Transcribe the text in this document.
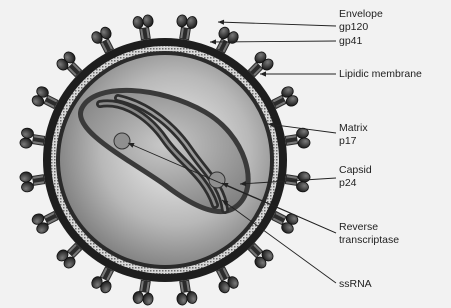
Envelope
gp120
gp41
Lipidic membrane
Matrix
p17
Capsid
p24
Reverse
transcriptase
ssRNA
